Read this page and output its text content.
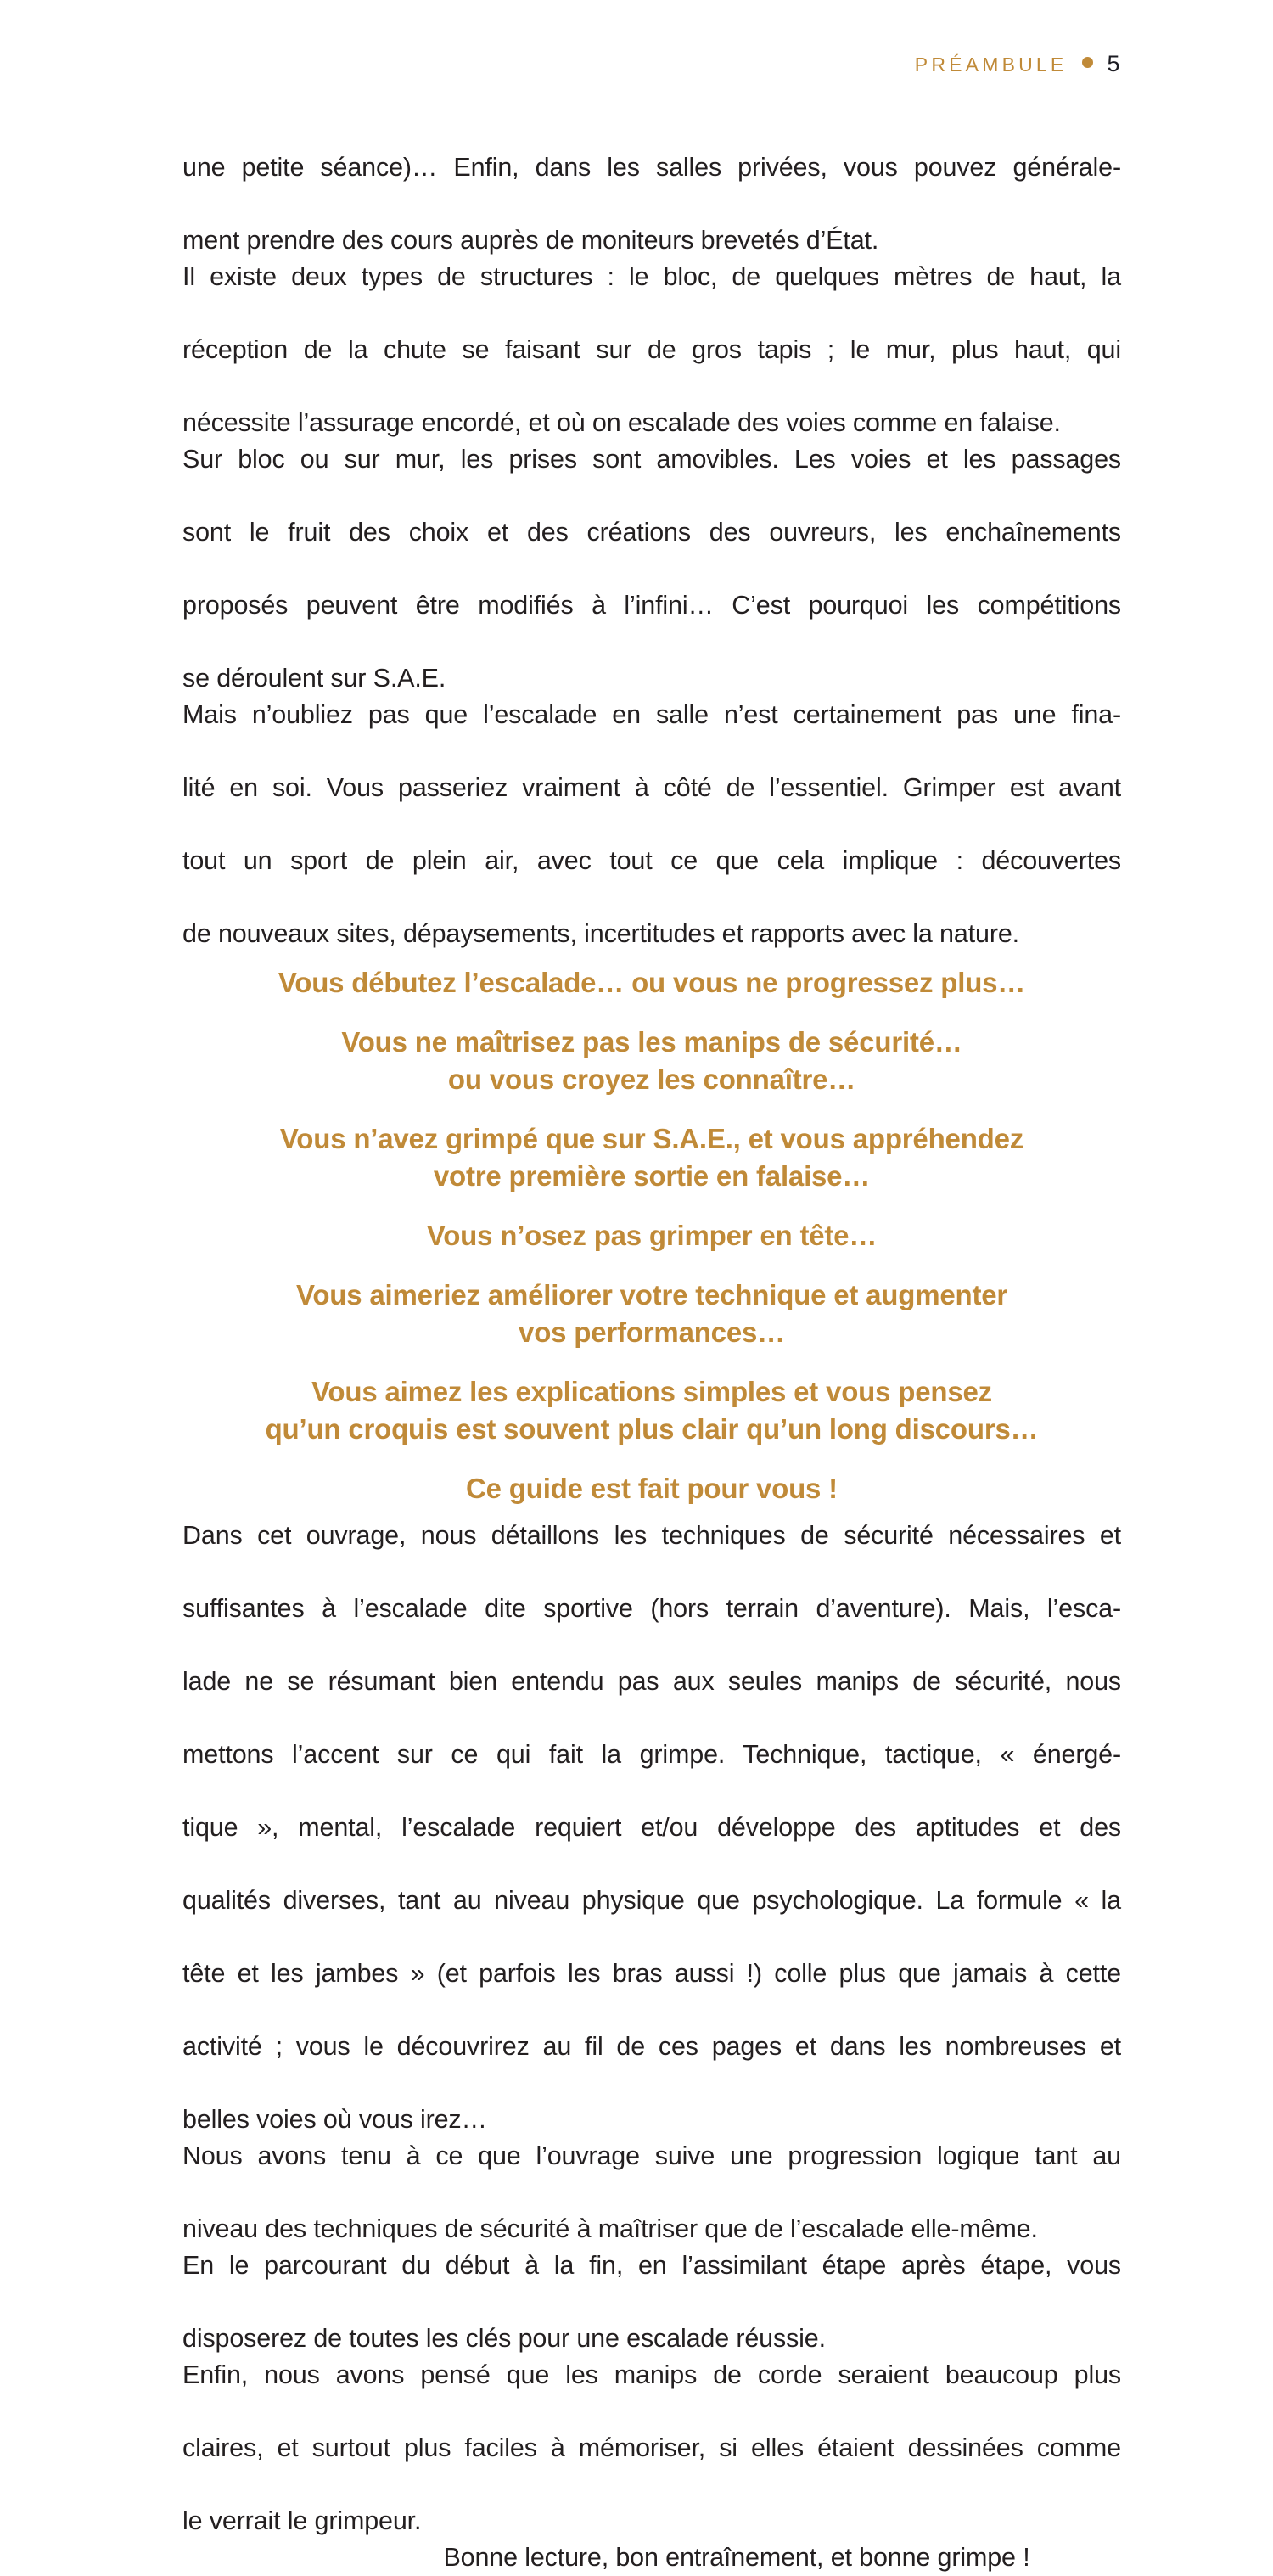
PRÉAMBULE 5

une petite séance)… Enfin, dans les salles privées, vous pouvez générale-
ment prendre des cours auprès de moniteurs brevetés d’État.

Il existe deux types de structures : le bloc, de quelques mètres de haut, la
réception de la chute se faisant sur de gros tapis ; le mur, plus haut, qui
nécessite l’assurage encordé, et où on escalade des voies comme en falaise.

Sur bloc ou sur mur, les prises sont amovibles. Les voies et les passages
sont le fruit des choix et des créations des ouvreurs, les enchaînements
proposés peuvent être modifiés à l’infini… C’est pourquoi les compétitions
se déroulent sur S.A.E.

Mais n’oubliez pas que l’escalade en salle n’est certainement pas une fina-
lité en soi. Vous passeriez vraiment à côté de l’essentiel. Grimper est avant
tout un sport de plein air, avec tout ce que cela implique : découvertes
de nouveaux sites, dépaysements, incertitudes et rapports avec la nature.

Vous débutez l’escalade… ou vous ne progressez plus…
Vous ne maîtrisez pas les manips de sécurité…
ou vous croyez les connaître…
Vous n’avez grimpé que sur S.A.E., et vous appréhendez
votre première sortie en falaise…
Vous n’osez pas grimper en tête…
Vous aimeriez améliorer votre technique et augmenter
vos performances…
Vous aimez les explications simples et vous pensez
qu’un croquis est souvent plus clair qu’un long discours…
Ce guide est fait pour vous !

Dans cet ouvrage, nous détaillons les techniques de sécurité nécessaires et
suffisantes à l’escalade dite sportive (hors terrain d’aventure). Mais, l’esca-
lade ne se résumant bien entendu pas aux seules manips de sécurité, nous
mettons l’accent sur ce qui fait la grimpe. Technique, tactique, « énergé-
tique », mental, l’escalade requiert et/ou développe des aptitudes et des
qualités diverses, tant au niveau physique que psychologique. La formule « la
tête et les jambes » (et parfois les bras aussi !) colle plus que jamais à cette
activité ; vous le découvrirez au fil de ces pages et dans les nombreuses et
belles voies où vous irez…

Nous avons tenu à ce que l’ouvrage suive une progression logique tant au
niveau des techniques de sécurité à maîtriser que de l’escalade elle-même.

En le parcourant du début à la fin, en l’assimilant étape après étape, vous
disposerez de toutes les clés pour une escalade réussie.

Enfin, nous avons pensé que les manips de corde seraient beaucoup plus
claires, et surtout plus faciles à mémoriser, si elles étaient dessinées comme
le verrait le grimpeur.

Bonne lecture, bon entraînement, et bonne grimpe !
